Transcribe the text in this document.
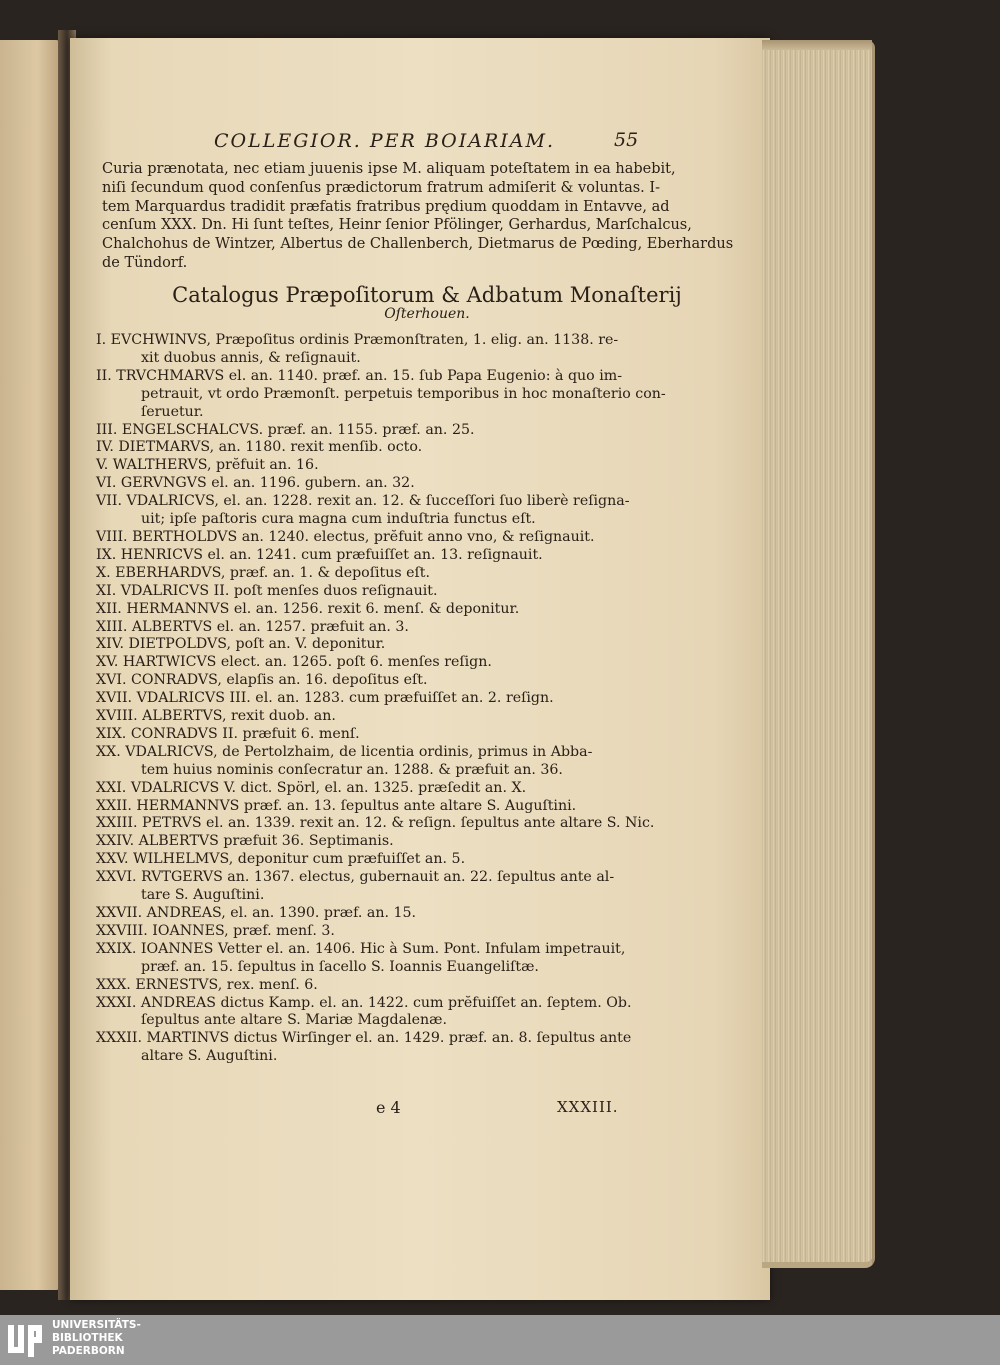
COLLEGIOR. PER BOIARIAM.	55
Curia prænotata, nec etiam juuenis ipse M. aliquam poteſtatem in ea habebit,
niſi ſecundum quod conſenſus prædictorum fratrum admiſerit & voluntas. I-
tem Marquardus tradidit præfatis fratribus prędium quoddam in Entavve, ad
cenſum XXX. Dn. Hi ſunt teſtes, Heinr ſenior Pfölinger, Gerhardus, Marſchalcus,
Chalchohus de Wintzer, Albertus de Challenberch, Dietmarus de Pœding, Eberhardus
de Tündorf.
Catalogus Præpoſitorum & Adbatum Monaſterij
Oſterhouen.
I. EVCHWINVS, Præpoſitus ordinis Præmonſtraten, 1. elig. an. 1138. re-
xit duobus annis, & reſignauit.
II. TRVCHMARVS el. an. 1140. præf. an. 15. ſub Papa Eugenio: à quo im-
petrauit, vt ordo Præmonſt. perpetuis temporibus in hoc monaſterio con-
ſeruetur.
III. ENGELSCHALCVS. præf. an. 1155. præf. an. 25.
IV. DIETMARVS, an. 1180. rexit menſib. octo.
V. WALTHERVS, prĕfuit an. 16.
VI. GERVNGVS el. an. 1196. gubern. an. 32.
VII. VDALRICVS, el. an. 1228. rexit an. 12. & ſucceſſori ſuo liberè reſigna-
uit; ipſe paſtoris cura magna cum induſtria functus eſt.
VIII. BERTHOLDVS an. 1240. electus, prĕfuit anno vno, & reſignauit.
IX. HENRICVS el. an. 1241. cum præfuiſſet an. 13. reſignauit.
X. EBERHARDVS, præf. an. 1. & depoſitus eſt.
XI. VDALRICVS II. poſt menſes duos reſignauit.
XII. HERMANNVS el. an. 1256. rexit 6. menſ. & deponitur.
XIII. ALBERTVS el. an. 1257. præfuit an. 3.
XIV. DIETPOLDVS, poſt an. V. deponitur.
XV. HARTWICVS elect. an. 1265. poſt 6. menſes reſign.
XVI. CONRADVS, elapſis an. 16. depoſitus eſt.
XVII. VDALRICVS III. el. an. 1283. cum præfuiſſet an. 2. reſign.
XVIII. ALBERTVS, rexit duob. an.
XIX. CONRADVS II. præfuit 6. menſ.
XX. VDALRICVS, de Pertolzhaim, de licentia ordinis, primus in Abba-
tem huius nominis conſecratur an. 1288. & præfuit an. 36.
XXI. VDALRICVS V. dict. Spörl, el. an. 1325. præſedit an. X.
XXII. HERMANNVS præf. an. 13. ſepultus ante altare S. Auguſtini.
XXIII. PETRVS el. an. 1339. rexit an. 12. & reſign. ſepultus ante altare S. Nic.
XXIV. ALBERTVS præfuit 36. Septimanis.
XXV. WILHELMVS, deponitur cum præfuiſſet an. 5.
XXVI. RVTGERVS an. 1367. electus, gubernauit an. 22. ſepultus ante al-
tare S. Auguſtini.
XXVII. ANDREAS, el. an. 1390. præf. an. 15.
XXVIII. IOANNES, præf. menſ. 3.
XXIX. IOANNES Vetter el. an. 1406. Hic à Sum. Pont. Infulam impetrauit,
præf. an. 15. ſepultus in ſacello S. Ioannis Euangeliſtæ.
XXX. ERNESTVS, rex. menſ. 6.
XXXI. ANDREAS dictus Kamp. el. an. 1422. cum prĕfuiſſet an. ſeptem. Ob.
ſepultus ante altare S. Mariæ Magdalenæ.
XXXII. MARTINVS dictus Wirſinger el. an. 1429. præf. an. 8. ſepultus ante
altare S. Auguſtini.
e 4	XXXIII.
UNIVERSITÄTS-
BIBLIOTHEK
PADERBORN
